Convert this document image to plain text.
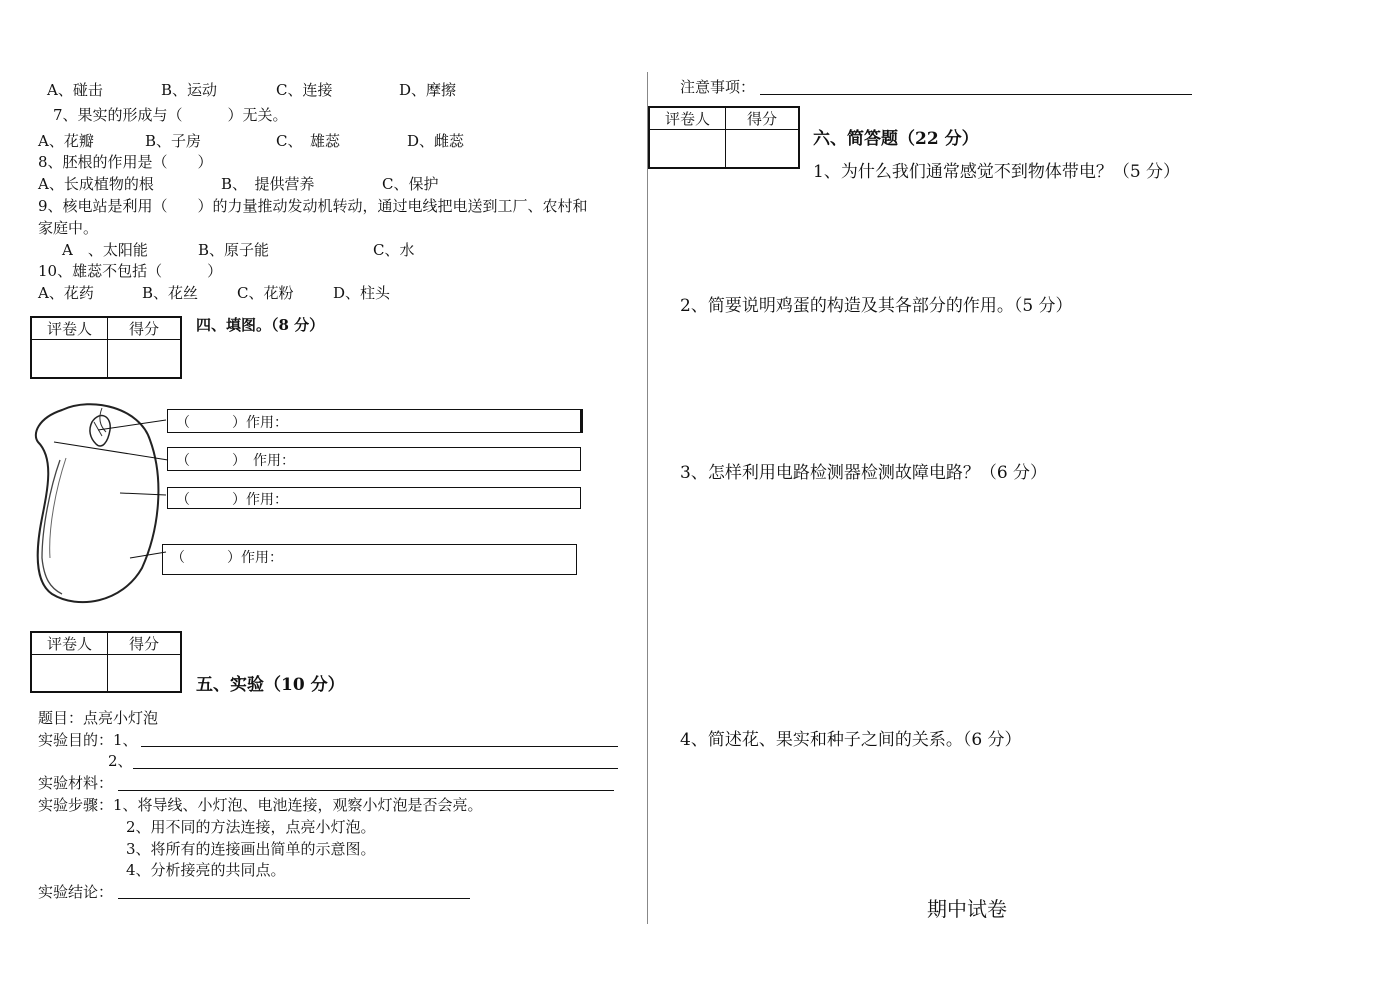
A、碰击	B、运动	C、连接	D、摩擦
7、果实的形成与（　　　）无关。
A、花瓣	B、子房	C、　雄蕊	D、雌蕊
8、胚根的作用是（　　）
A、长成植物的根	B、　提供营养	C、保护
9、核电站是利用（　　）的力量推动发动机转动，通过电线把电送到工厂、农村和
家庭中。
A　、太阳能	B、原子能	C、水
10、雄蕊不包括（　　　）
A、花药	B、花丝	C、花粉	D、柱头
评卷人	得分
	四、填图。（8 分）
（　　　）作用：
（　　　）　作用：
（　　　）作用：
（　　　）作用：
评卷人	得分

五、实验（10 分）
题目：点亮小灯泡
实验目的：1、
2、
实验材料：
实验步骤：1、将导线、小灯泡、电池连接，观察小灯泡是否会亮。
2、用不同的方法连接，点亮小灯泡。
3、将所有的连接画出简单的示意图。
4、分析接亮的共同点。
实验结论：
注意事项：
评卷人	得分

六、简答题（22 分）
1、为什么我们通常感觉不到物体带电？（5 分）
2、简要说明鸡蛋的构造及其各部分的作用。（5 分）
3、怎样利用电路检测器检测故障电路？（6 分）
4、简述花、果实和种子之间的关系。（6 分）
期中试卷
